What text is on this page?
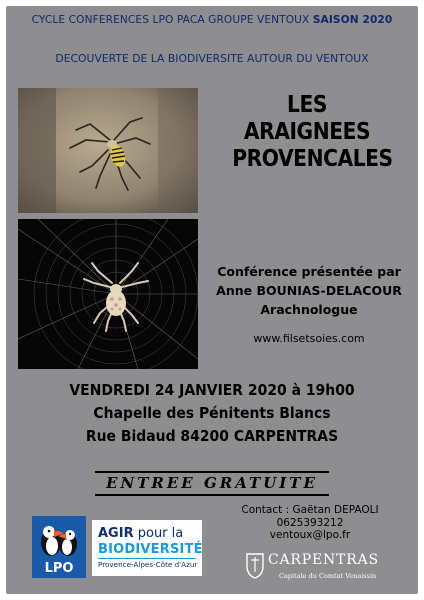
CYCLE CONFERENCES LPO PACA GROUPE VENTOUX SAISON 2020
DECOUVERTE DE LA BIODIVERSITE AUTOUR DU VENTOUX
LES
ARAIGNEES
PROVENCALES
Conférence présentée par
Anne BOUNIAS-DELACOUR
Arachnologue
www.filsetsoies.com
VENDREDI 24 JANVIER 2020 à 19h00
Chapelle des Pénitents Blancs
Rue Bidaud 84200 CARPENTRAS
ENTREE GRATUITE
Contact : Gaëtan DEPAOLI
0625393212
ventoux@lpo.fr
LPO
AGIR pour la
BIODIVERSITÉ
Provence-Alpes-Côte d'Azur	CARPENTRAS
Capitale du Comtat Venaissin
